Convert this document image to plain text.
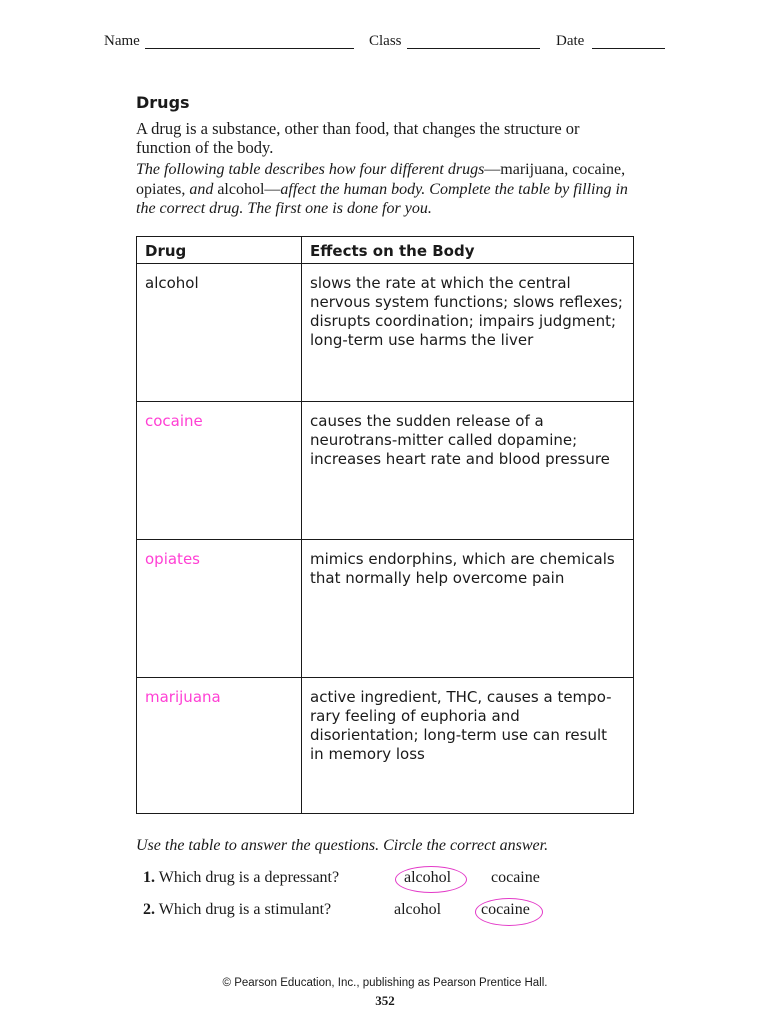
Name	Class	Date
Drugs
A drug is a substance, other than food, that changes the structure or function of the body.
The following table describes how four different drugs—marijuana, cocaine, opiates, and alcohol—affect the human body. Complete the table by filling in the correct drug. The first one is done for you.
Drug	Effects on the Body
alcohol	slows the rate at which the central nervous system functions; slows reflexes; disrupts coordination; impairs judgment; long-term use harms the liver
cocaine	causes the sudden release of a neurotrans-mitter called dopamine; increases heart rate and blood pressure
opiates	mimics endorphins, which are chemicals that normally help overcome pain
marijuana	active ingredient, THC, causes a tempo-rary feeling of euphoria and disorientation; long-term use can result in memory loss
Use the table to answer the questions. Circle the correct answer.
1. Which drug is a depressant?	alcohol cocaine
2. Which drug is a stimulant?	alcohol cocaine
© Pearson Education, Inc., publishing as Pearson Prentice Hall.
352
